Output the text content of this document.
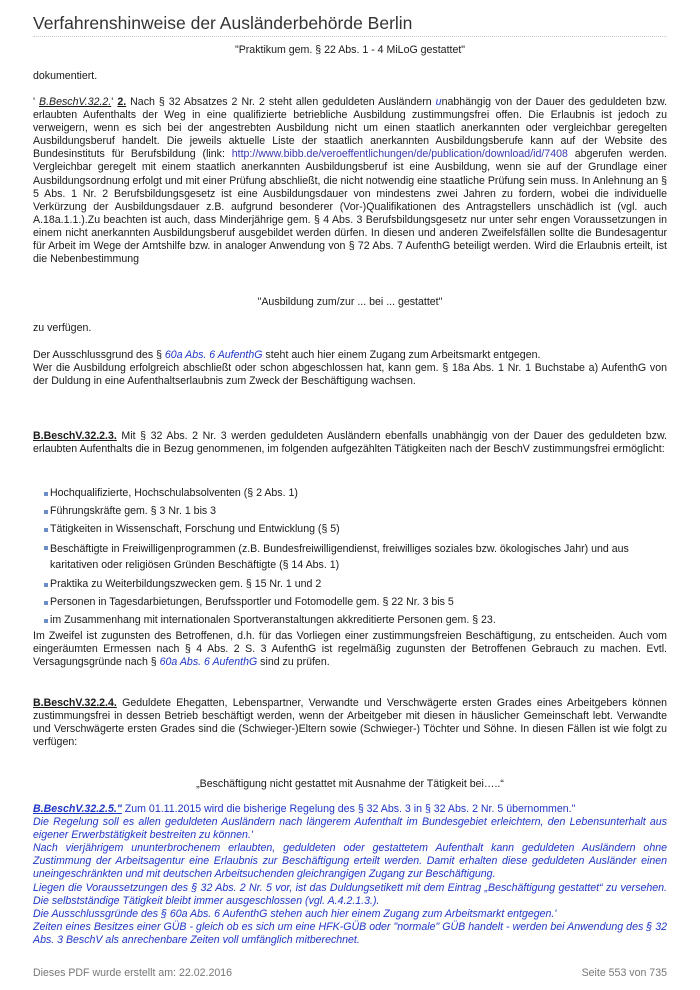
Verfahrenshinweise der Ausländerbehörde Berlin

"Praktikum gem. § 22 Abs. 1 - 4 MiLoG gestattet"

dokumentiert.

' B.BeschV.32.2.' 2. Nach § 32 Absatzes 2 Nr. 2 steht allen geduldeten Ausländern unabhängig von der Dauer des geduldeten bzw. erlaubten Aufenthalts der Weg in eine qualifizierte betriebliche Ausbildung zustimmungsfrei offen. Die Erlaubnis ist jedoch zu verweigern, wenn es sich bei der angestrebten Ausbildung nicht um einen staatlich anerkannten oder vergleichbar geregelten Ausbildungsberuf handelt. Die jeweils aktuelle Liste der staatlich anerkannten Ausbildungsberufe kann auf der Website des Bundesinstituts für Berufsbildung (link: http://www.bibb.de/veroeffentlichungen/de/publication/download/id/7408 abgerufen werden. Vergleichbar geregelt mit einem staatlich anerkannten Ausbildungsberuf ist eine Ausbildung, wenn sie auf der Grundlage einer Ausbildungsordnung erfolgt und mit einer Prüfung abschließt, die nicht notwendig eine staatliche Prüfung sein muss. In Anlehnung an § 5 Abs. 1 Nr. 2 Berufsbildungsgesetz ist eine Ausbildungsdauer von mindestens zwei Jahren zu fordern, wobei die individuelle Verkürzung der Ausbildungsdauer z.B. aufgrund besonderer (Vor-)Qualifikationen des Antragstellers unschädlich ist (vgl. auch A.18a.1.1.).Zu beachten ist auch, dass Minderjährige gem. § 4 Abs. 3 Berufsbildungsgesetz nur unter sehr engen Voraussetzungen in einem nicht anerkannten Ausbildungsberuf ausgebildet werden dürfen. In diesen und anderen Zweifelsfällen sollte die Bundesagentur für Arbeit im Wege der Amtshilfe bzw. in analoger Anwendung von § 72 Abs. 7 AufenthG beteiligt werden. Wird die Erlaubnis erteilt, ist die Nebenbestimmung

"Ausbildung zum/zur ... bei ... gestattet"

zu verfügen.

Der Ausschlussgrund des § 60a Abs. 6 AufenthG steht auch hier einem Zugang zum Arbeitsmarkt entgegen.
Wer die Ausbildung erfolgreich abschließt oder schon abgeschlossen hat, kann gem. § 18a Abs. 1 Nr. 1 Buchstabe a) AufenthG von der Duldung in eine Aufenthaltserlaubnis zum Zweck der Beschäftigung wachsen.

B.BeschV.32.2.3. Mit § 32 Abs. 2 Nr. 3 werden geduldeten Ausländern ebenfalls unabhängig von der Dauer des geduldeten bzw. erlaubten Aufenthalts die in Bezug genommenen, im folgenden aufgezählten Tätigkeiten nach der BeschV zustimmungsfrei ermöglicht:

Hochqualifizierte, Hochschulabsolventen (§ 2 Abs. 1)
Führungskräfte gem. § 3 Nr. 1 bis 3
Tätigkeiten in Wissenschaft, Forschung und Entwicklung (§ 5)
Beschäftigte in Freiwilligenprogrammen (z.B. Bundesfreiwilligendienst, freiwilliges soziales bzw. ökologisches Jahr) und aus karitativen oder religiösen Gründen Beschäftigte (§ 14 Abs. 1)
Praktika zu Weiterbildungszwecken gem. § 15 Nr. 1 und 2
Personen in Tagesdarbietungen, Berufssportler und Fotomodelle gem. § 22 Nr. 3 bis 5
im Zusammenhang mit internationalen Sportveranstaltungen akkreditierte Personen gem. § 23.

Im Zweifel ist zugunsten des Betroffenen, d.h. für das Vorliegen einer zustimmungsfreien Beschäftigung, zu entscheiden. Auch vom eingeräumten Ermessen nach § 4 Abs. 2 S. 3 AufenthG ist regelmäßig zugunsten der Betroffenen Gebrauch zu machen. Evtl. Versagungsgründe nach § 60a Abs. 6 AufenthG sind zu prüfen.

B.BeschV.32.2.4. Geduldete Ehegatten, Lebenspartner, Verwandte und Verschwägerte ersten Grades eines Arbeitgebers können zustimmungsfrei in dessen Betrieb beschäftigt werden, wenn der Arbeitgeber mit diesen in häuslicher Gemeinschaft lebt. Verwandte und Verschwägerte ersten Grades sind die (Schwieger-)Eltern sowie (Schwieger-) Töchter und Söhne. In diesen Fällen ist wie folgt zu verfügen:

„Beschäftigung nicht gestattet mit Ausnahme der Tätigkeit bei…..“

B.BeschV.32.2.5." Zum 01.11.2015 wird die bisherige Regelung des § 32 Abs. 3 in § 32 Abs. 2 Nr. 5 übernommen."
Die Regelung soll es allen geduldeten Ausländern nach längerem Aufenthalt im Bundesgebiet erleichtern, den Lebensunterhalt aus eigener Erwerbstätigkeit bestreiten zu können.'
Nach vierjährigem ununterbrochenem erlaubten, geduldeten oder gestattetem Aufenthalt kann geduldeten Ausländern ohne Zustimmung der Arbeitsagentur eine Erlaubnis zur Beschäftigung erteilt werden. Damit erhalten diese geduldeten Ausländer einen uneingeschränkten und mit deutschen Arbeitsuchenden gleichrangigen Zugang zur Beschäftigung.
Liegen die Voraussetzungen des § 32 Abs. 2 Nr. 5 vor, ist das Duldungsetikett mit dem Eintrag „Beschäftigung gestattet“ zu versehen. Die selbstständige Tätigkeit bleibt immer ausgeschlossen (vgl. A.4.2.1.3.).
Die Ausschlussgründe des § 60a Abs. 6 AufenthG stehen auch hier einem Zugang zum Arbeitsmarkt entgegen.'
Zeiten eines Besitzes einer GÜB - gleich ob es sich um eine HFK-GÜB oder "normale" GÜB handelt - werden bei Anwendung des § 32 Abs. 3 BeschV als anrechenbare Zeiten voll umfänglich mitberechnet.
Dieses PDF wurde erstellt am: 22.02.2016	Seite 553 von 735
